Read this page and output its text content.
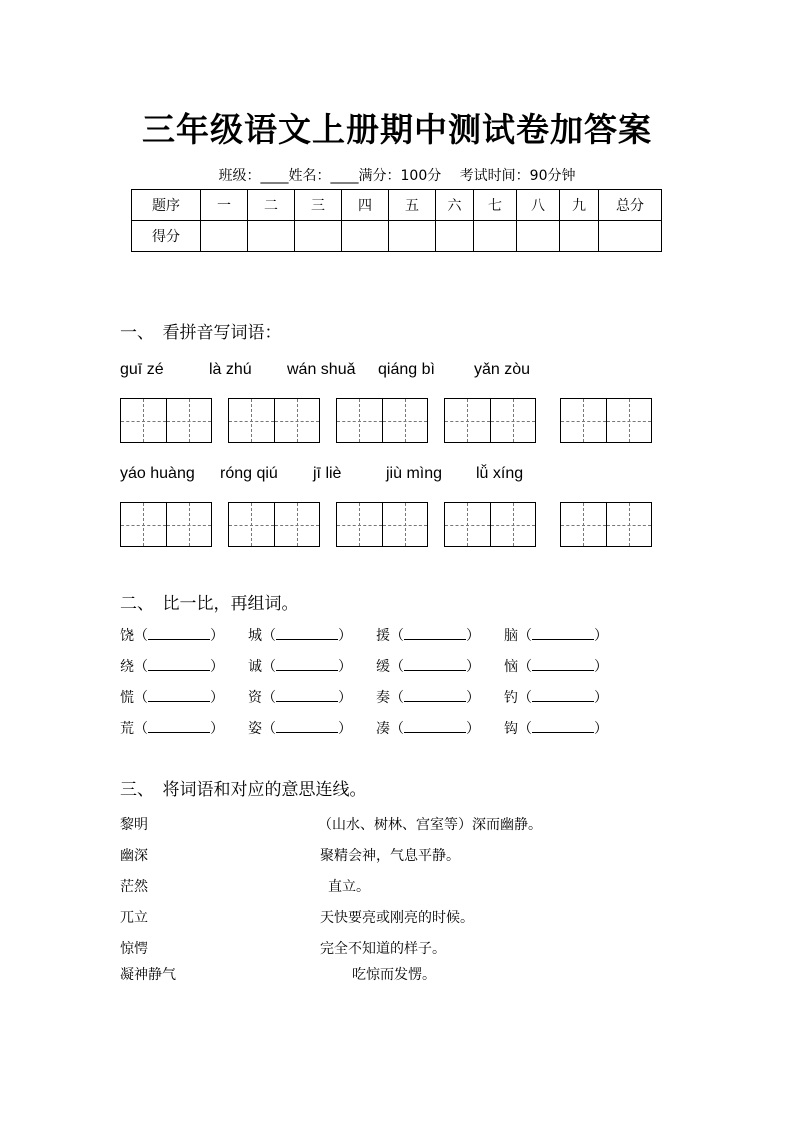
三年级语文上册期中测试卷加答案
班级：____姓名：____满分：100分　 考试时间：90分钟
题序	一	二	三	四	五	六	七	八	九	总分
得分										
一、　看拼音写词语：
guī zé	là zhú wán shuǎ qiáng bì yǎn zòu
yáo huàng róng qiú jī liè	jiù mìng lǚ xíng
二、　比一比，再组词。
饶（	） 城（	） 援（	） 脑（	）
绕（	） 诚（	） 缓（	） 恼（	）
慌（	） 资（	） 奏（	） 钓（	）
荒（	） 姿（	） 凑（	） 钩（	）
三、　将词语和对应的意思连线。
黎明
幽深
茫然
兀立
惊愕
凝神静气
（山水、树林、宫室等）深而幽静。
聚精会神，气息平静。
直立。
天快要亮或刚亮的时候。
完全不知道的样子。
吃惊而发愣。
